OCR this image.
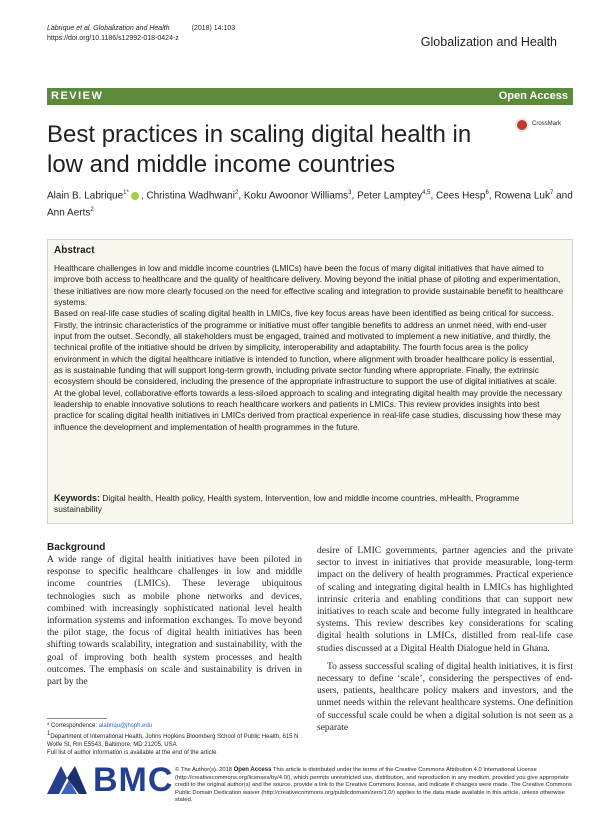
Labrique et al. Globalization and Health	(2018) 14:103
https://doi.org/10.1186/s12992-018-0424-z	Globalization and Health
REVIEW	Open Access
Best practices in scaling digital health in low and middle income countries
CrossMark
Alain B. Labrique$^{1*}$ , Christina Wadhwani$^2$, Koku Awoonor Williams$^3$, Peter Lamptey$^{4,5}$, Cees Hesp$^6$, Rowena Luk$^7$ and Ann Aerts$^2$
Abstract

Healthcare challenges in low and middle income countries (LMICs) have been the focus of many digital initiatives that have aimed to improve both access to healthcare and the quality of healthcare delivery. Moving beyond the initial phase of piloting and experimentation, these initiatives are now more clearly focused on the need for effective scaling and integration to provide sustainable benefit to healthcare systems.

Based on real-life case studies of scaling digital health in LMICs, five key focus areas have been identified as being critical for success. Firstly, the intrinsic characteristics of the programme or initiative must offer tangible benefits to address an unmet need, with end-user input from the outset. Secondly, all stakeholders must be engaged, trained and motivated to implement a new initiative, and thirdly, the technical profile of the initiative should be driven by simplicity, interoperability and adaptability. The fourth focus area is the policy environment in which the digital healthcare initiative is intended to function, where alignment with broader healthcare policy is essential, as is sustainable funding that will support long-term growth, including private sector funding where appropriate. Finally, the extrinsic ecosystem should be considered, including the presence of the appropriate infrastructure to support the use of digital initiatives at scale.

At the global level, collaborative efforts towards a less-siloed approach to scaling and integrating digital health may provide the necessary leadership to enable innovative solutions to reach healthcare workers and patients in LMICs. This review provides insights into best practice for scaling digital health initiatives in LMICs derived from practical experience in real-life case studies, discussing how these may influence the development and implementation of health programmes in the future.

Keywords: Digital health, Health policy, Health system, Intervention, low and middle income countries, mHealth, Programme sustainability
Background

A wide range of digital health initiatives have been piloted in response to specific healthcare challenges in low and middle income countries (LMICs). These leverage ubiquitous technologies such as mobile phone networks and devices, combined with increasingly sophisticated national level health information systems and information exchanges. To move beyond the pilot stage, the focus of digital health initiatives has been shifting towards scalability, integration and sustainability, with the goal of improving both health system processes and health outcomes. The emphasis on scale and sustainability is driven in part by the

desire of LMIC governments, partner agencies and the private sector to invest in initiatives that provide measurable, long-term impact on the delivery of health programmes. Practical experience of scaling and integrating digital health in LMICs has highlighted intrinsic criteria and enabling conditions that can support new initiatives to reach scale and become fully integrated in healthcare systems. This review describes key considerations for scaling digital health solutions in LMICs, distilled from real-life case studies discussed at a Digital Health Dialogue held in Ghana.

To assess successful scaling of digital health initiatives, it is first necessary to define ‘scale’, considering the perspectives of end-users, patients, healthcare policy makers and investors, and the unmet needs within the relevant healthcare systems. One definition of successful scale could be when a digital solution is not seen as a separate

* Correspondence: alabriqu@jhsph.edu
$^1$Department of International Health, Johns Hopkins Bloomberg School of Public Health, 615 N Wolfe St, Rm E5543, Baltimore, MD 21205, USA
Full list of author information is available at the end of the article
BMC © The Author(s). 2018 Open Access This article is distributed under the terms of the Creative Commons Attribution 4.0 International License (http://creativecommons.org/licenses/by/4.0/), which permits unrestricted use, distribution, and reproduction in any medium, provided you give appropriate credit to the original author(s) and the source, provide a link to the Creative Commons license, and indicate if changes were made. The Creative Commons Public Domain Dedication waiver (http://creativecommons.org/publicdomain/zero/1.0/) applies to the data made available in this article, unless otherwise stated.
